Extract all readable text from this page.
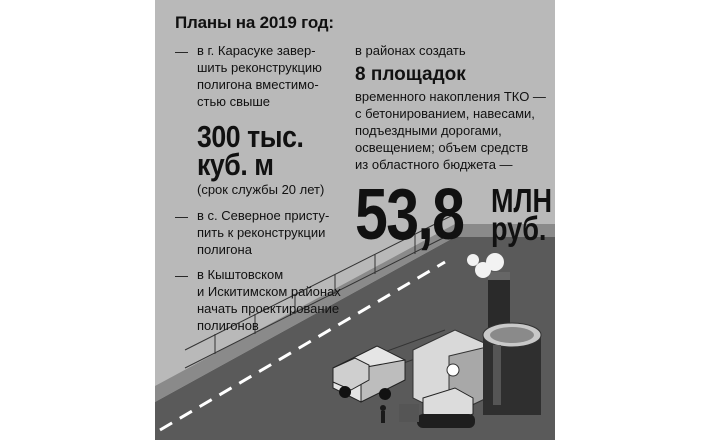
Планы на 2019 год:
— в г. Карасуке завер-
шить реконструкцию
полигона вместимо-
стью свыше
300 тыс.
куб. м
(срок службы 20 лет)
— в с. Северное присту-
пить к реконструкции
полигона
— в Кыштовском
и Искитимском районах
начать проектирование
полигонов
в районах создать
8 площадок
временного накопления ТКО —
с бетонированием, навесами,
подъездными дорогами,
освещением; объем средств
из областного бюджета —
53,8 МЛН
руб.
